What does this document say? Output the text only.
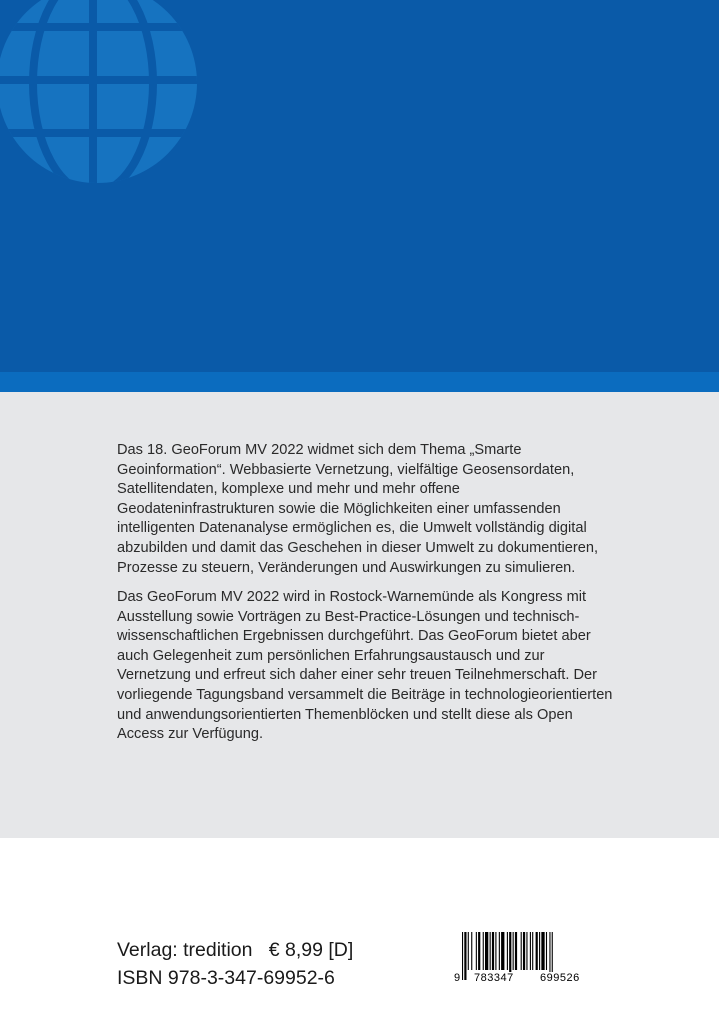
Das 18. GeoForum MV 2022 widmet sich dem Thema „Smarte Geoinformation“. Webbasierte Vernetzung, vielfältige Geosensordaten, Satellitendaten, komplexe und mehr und mehr offene Geodateninfrastrukturen sowie die Möglichkeiten einer umfassenden intelligenten Datenanalyse ermöglichen es, die Umwelt vollständig digital abzubilden und damit das Geschehen in dieser Umwelt zu dokumentieren, Prozesse zu steuern, Veränderungen und Auswirkungen zu simulieren.

Das GeoForum MV 2022 wird in Rostock-Warnemünde als Kongress mit Ausstellung sowie Vorträgen zu Best-Practice-Lösungen und technisch-wissenschaftlichen Ergebnissen durchgeführt. Das GeoForum bietet aber auch Gelegenheit zum persönlichen Erfahrungsaustausch und zur Vernetzung und erfreut sich daher einer sehr treuen Teilnehmerschaft. Der vorliegende Tagungsband versammelt die Beiträge in technologieorientierten und anwendungsorientierten Themenblöcken und stellt diese als Open Access zur Verfügung.

Verlag: tredition   € 8,99 [D]
ISBN 978-3-347-69952-6	9 783347 699526
